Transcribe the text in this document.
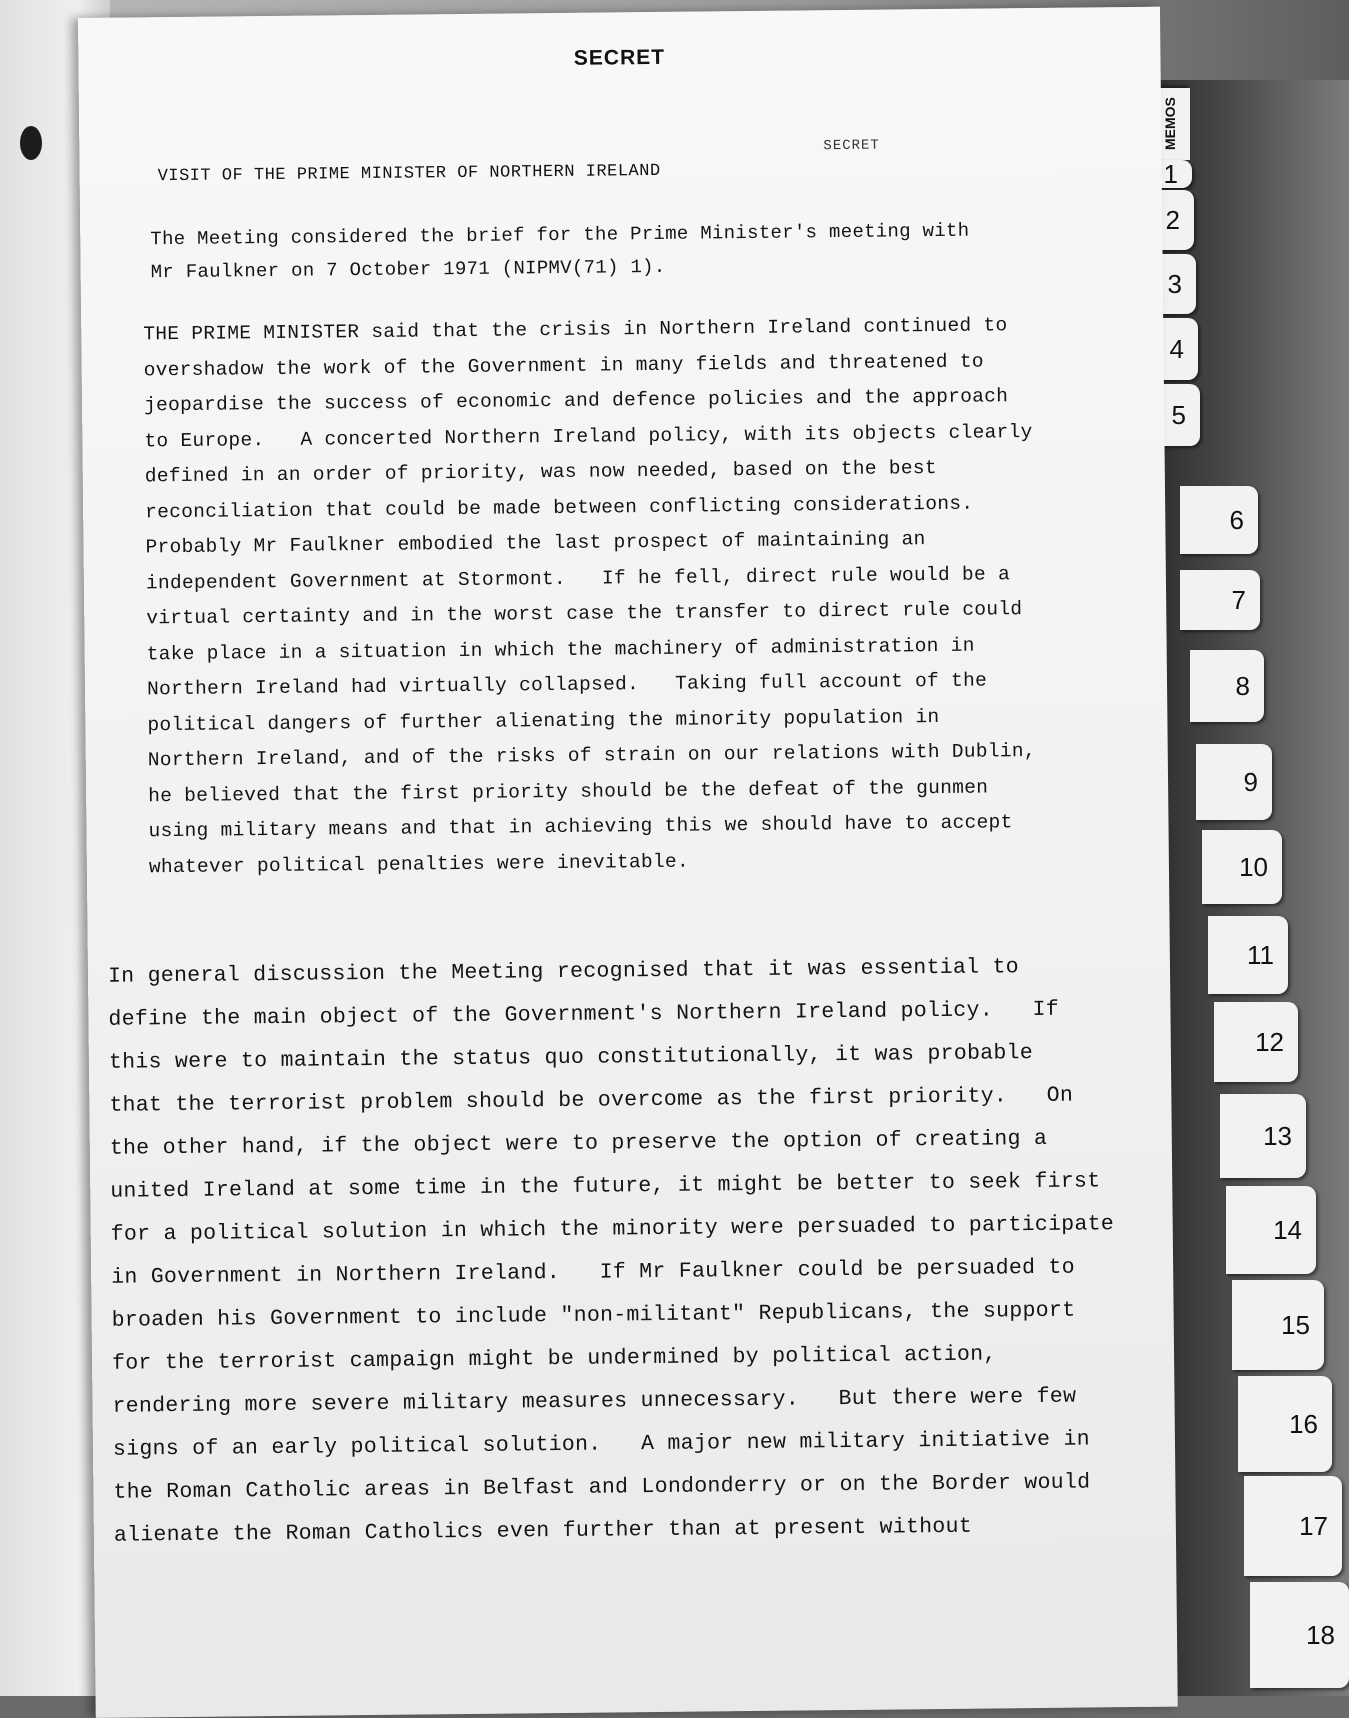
MEMOS
1
2
3
4
5
6
7
8
9
10
11
12
13
14
15
16
17
18
SECRET
SECRET
VISIT OF THE PRIME MINISTER OF NORTHERN IRELAND
The Meeting considered the brief for the Prime Minister's meeting with
Mr Faulkner on 7 October 1971 (NIPMV(71) 1).
THE PRIME MINISTER said that the crisis in Northern Ireland continued to
overshadow the work of the Government in many fields and threatened to
jeopardise the success of economic and defence policies and the approach
to Europe.   A concerted Northern Ireland policy, with its objects clearly
defined in an order of priority, was now needed, based on the best
reconciliation that could be made between conflicting considerations.
Probably Mr Faulkner embodied the last prospect of maintaining an
independent Government at Stormont.   If he fell, direct rule would be a
virtual certainty and in the worst case the transfer to direct rule could
take place in a situation in which the machinery of administration in
Northern Ireland had virtually collapsed.   Taking full account of the
political dangers of further alienating the minority population in
Northern Ireland, and of the risks of strain on our relations with Dublin,
he believed that the first priority should be the defeat of the gunmen
using military means and that in achieving this we should have to accept
whatever political penalties were inevitable.
In general discussion the Meeting recognised that it was essential to
define the main object of the Government's Northern Ireland policy.   If
this were to maintain the status quo constitutionally, it was probable
that the terrorist problem should be overcome as the first priority.   On
the other hand, if the object were to preserve the option of creating a
united Ireland at some time in the future, it might be better to seek first
for a political solution in which the minority were persuaded to participate
in Government in Northern Ireland.   If Mr Faulkner could be persuaded to
broaden his Government to include "non-militant" Republicans, the support
for the terrorist campaign might be undermined by political action,
rendering more severe military measures unnecessary.   But there were few
signs of an early political solution.   A major new military initiative in
the Roman Catholic areas in Belfast and Londonderry or on the Border would
alienate the Roman Catholics even further than at present without
